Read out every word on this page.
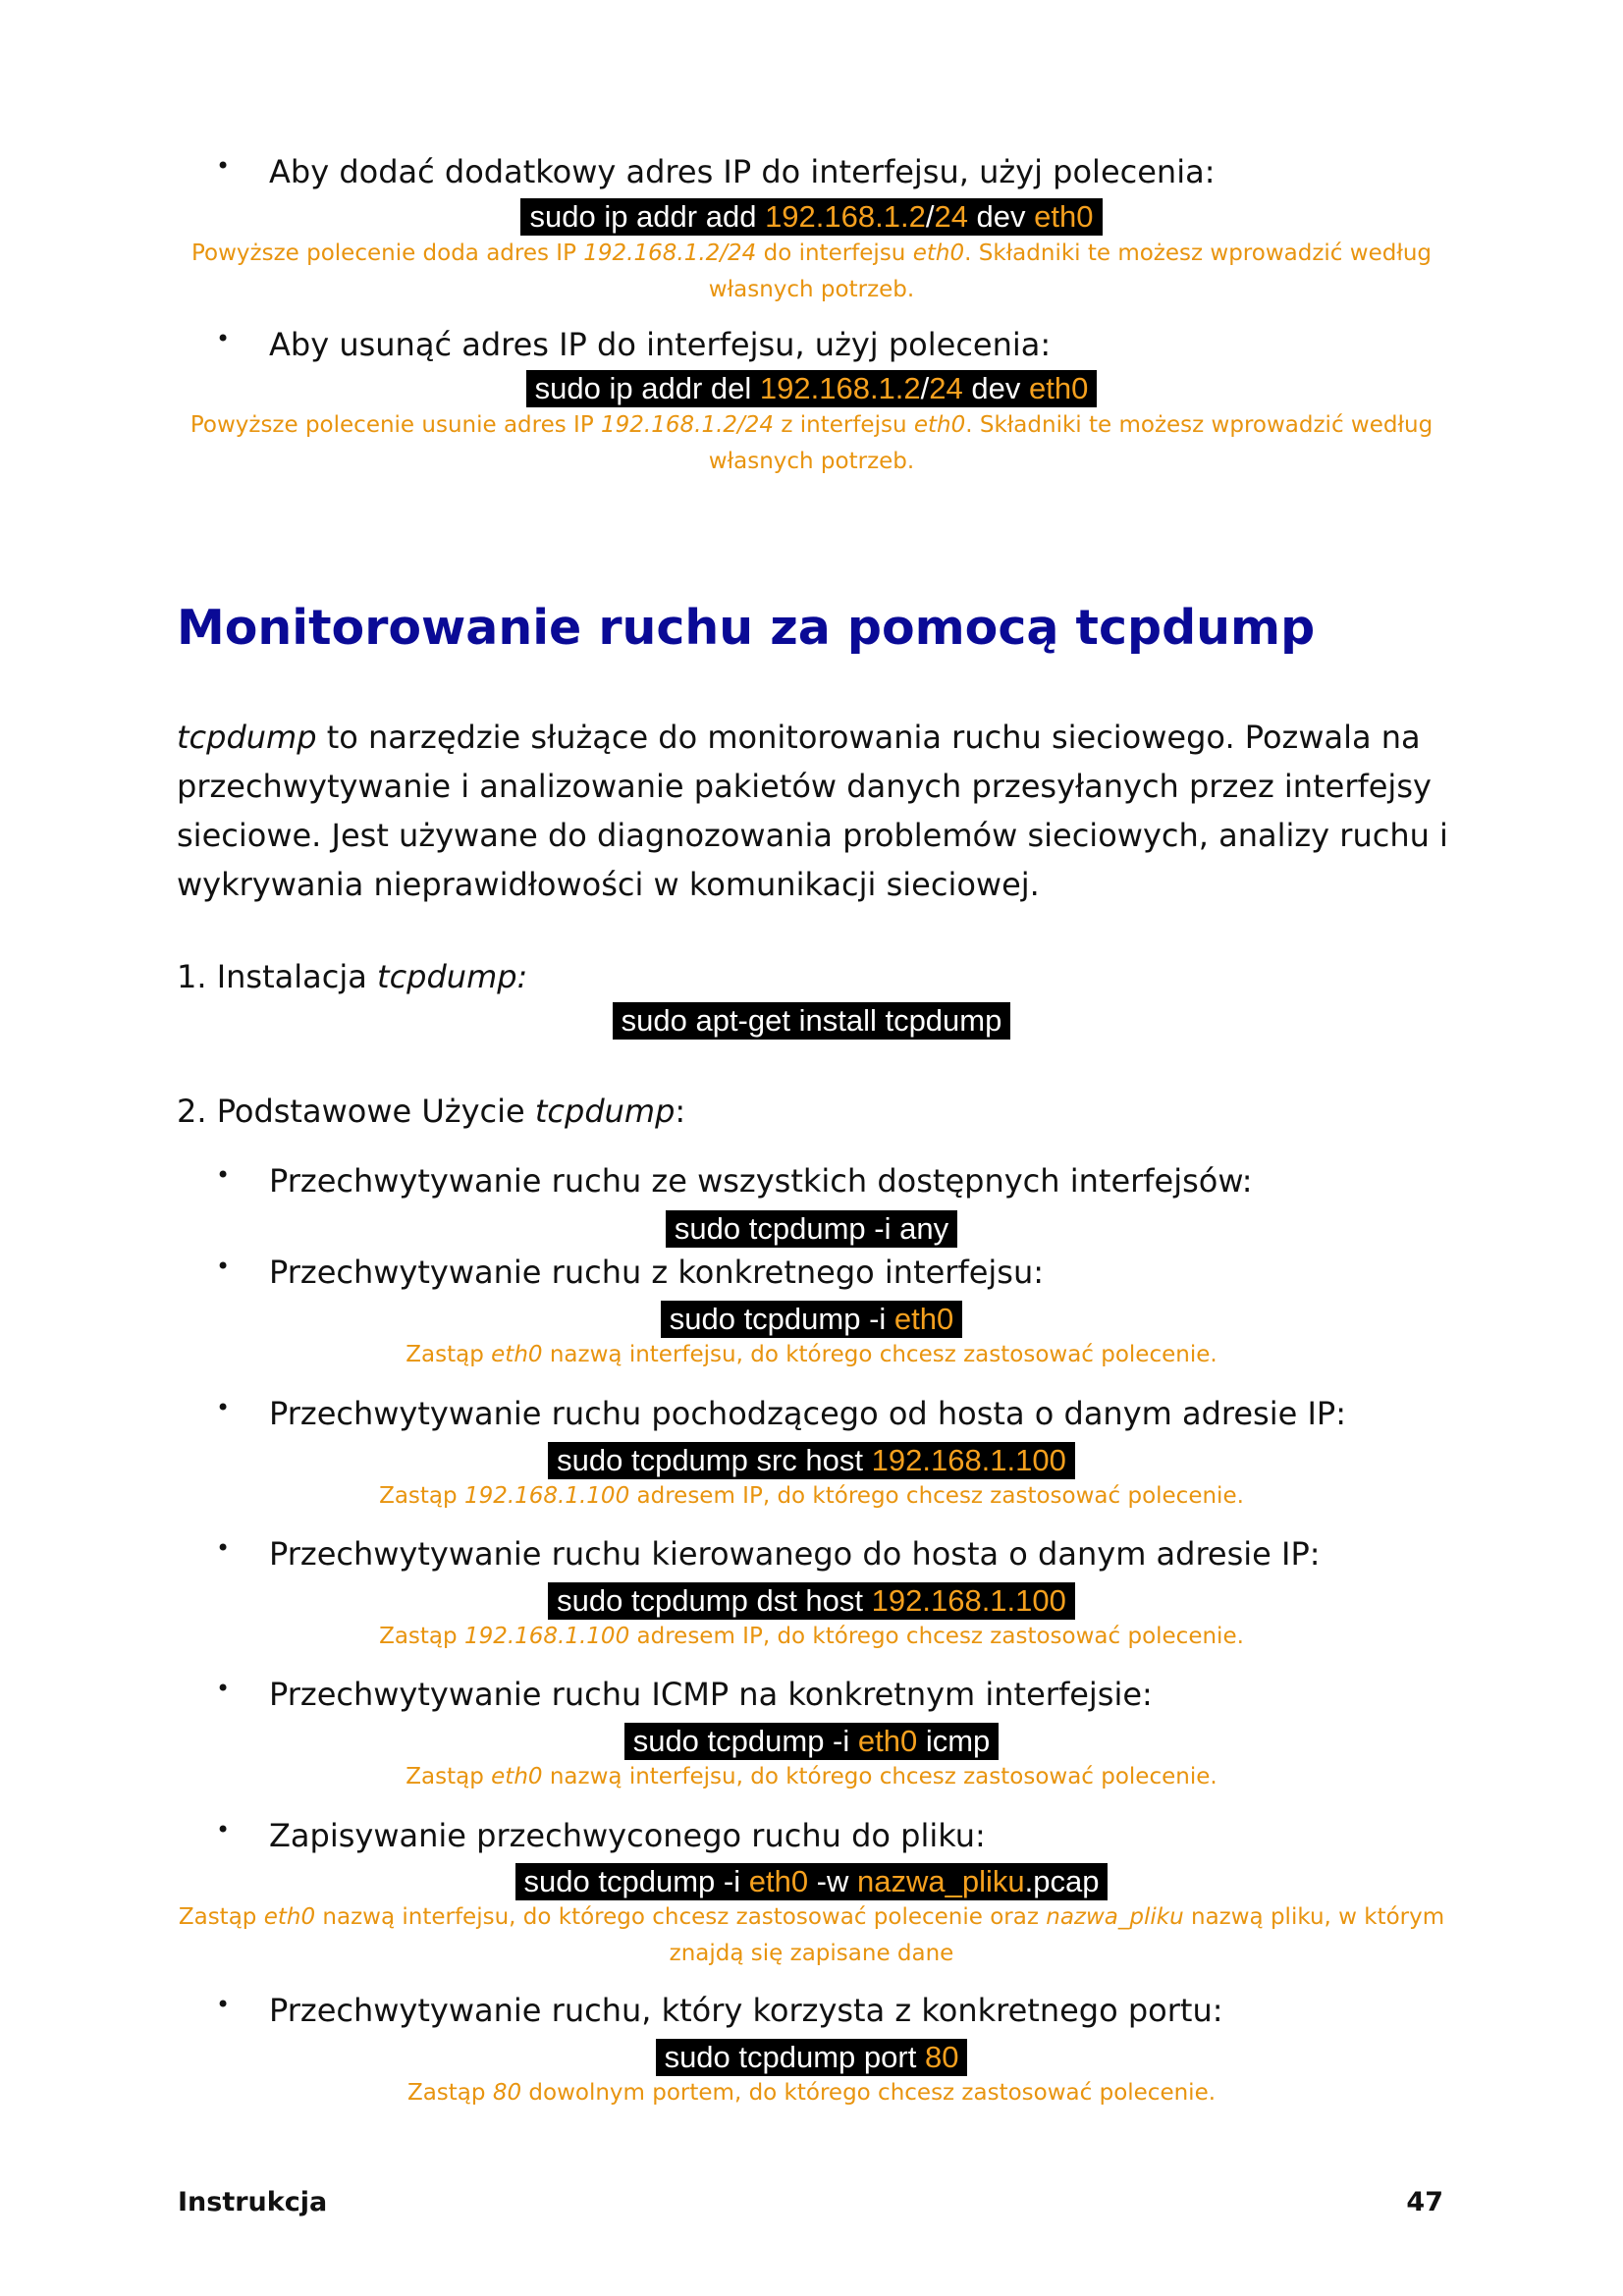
• Aby dodać dodatkowy adres IP do interfejsu, użyj polecenia:
sudo ip addr add 192.168.1.2/24 dev eth0
Powyższe polecenie doda adres IP 192.168.1.2/24 do interfejsu eth0. Składniki te możesz wprowadzić według własnych potrzeb.
• Aby usunąć adres IP do interfejsu, użyj polecenia:
sudo ip addr del 192.168.1.2/24 dev eth0
Powyższe polecenie usunie adres IP 192.168.1.2/24 z interfejsu eth0. Składniki te możesz wprowadzić według własnych potrzeb.
Monitorowanie ruchu za pomocą tcpdump
tcpdump to narzędzie służące do monitorowania ruchu sieciowego. Pozwala na przechwytywanie i analizowanie pakietów danych przesyłanych przez interfejsy sieciowe. Jest używane do diagnozowania problemów sieciowych, analizy ruchu i wykrywania nieprawidłowości w komunikacji sieciowej.
1. Instalacja tcpdump:
sudo apt-get install tcpdump
2. Podstawowe Użycie tcpdump:
• Przechwytywanie ruchu ze wszystkich dostępnych interfejsów:
sudo tcpdump -i any
• Przechwytywanie ruchu z konkretnego interfejsu:
sudo tcpdump -i eth0
Zastąp eth0 nazwą interfejsu, do którego chcesz zastosować polecenie.
• Przechwytywanie ruchu pochodzącego od hosta o danym adresie IP:
sudo tcpdump src host 192.168.1.100
Zastąp 192.168.1.100 adresem IP, do którego chcesz zastosować polecenie.
• Przechwytywanie ruchu kierowanego do hosta o danym adresie IP:
sudo tcpdump dst host 192.168.1.100
Zastąp 192.168.1.100 adresem IP, do którego chcesz zastosować polecenie.
• Przechwytywanie ruchu ICMP na konkretnym interfejsie:
sudo tcpdump -i eth0 icmp
Zastąp eth0 nazwą interfejsu, do którego chcesz zastosować polecenie.
• Zapisywanie przechwyconego ruchu do pliku:
sudo tcpdump -i eth0 -w nazwa_pliku.pcap
Zastąp eth0 nazwą interfejsu, do którego chcesz zastosować polecenie oraz nazwa_pliku nazwą pliku, w którym znajdą się zapisane dane
• Przechwytywanie ruchu, który korzysta z konkretnego portu:
sudo tcpdump port 80
Zastąp 80 dowolnym portem, do którego chcesz zastosować polecenie.
Instrukcja	47
